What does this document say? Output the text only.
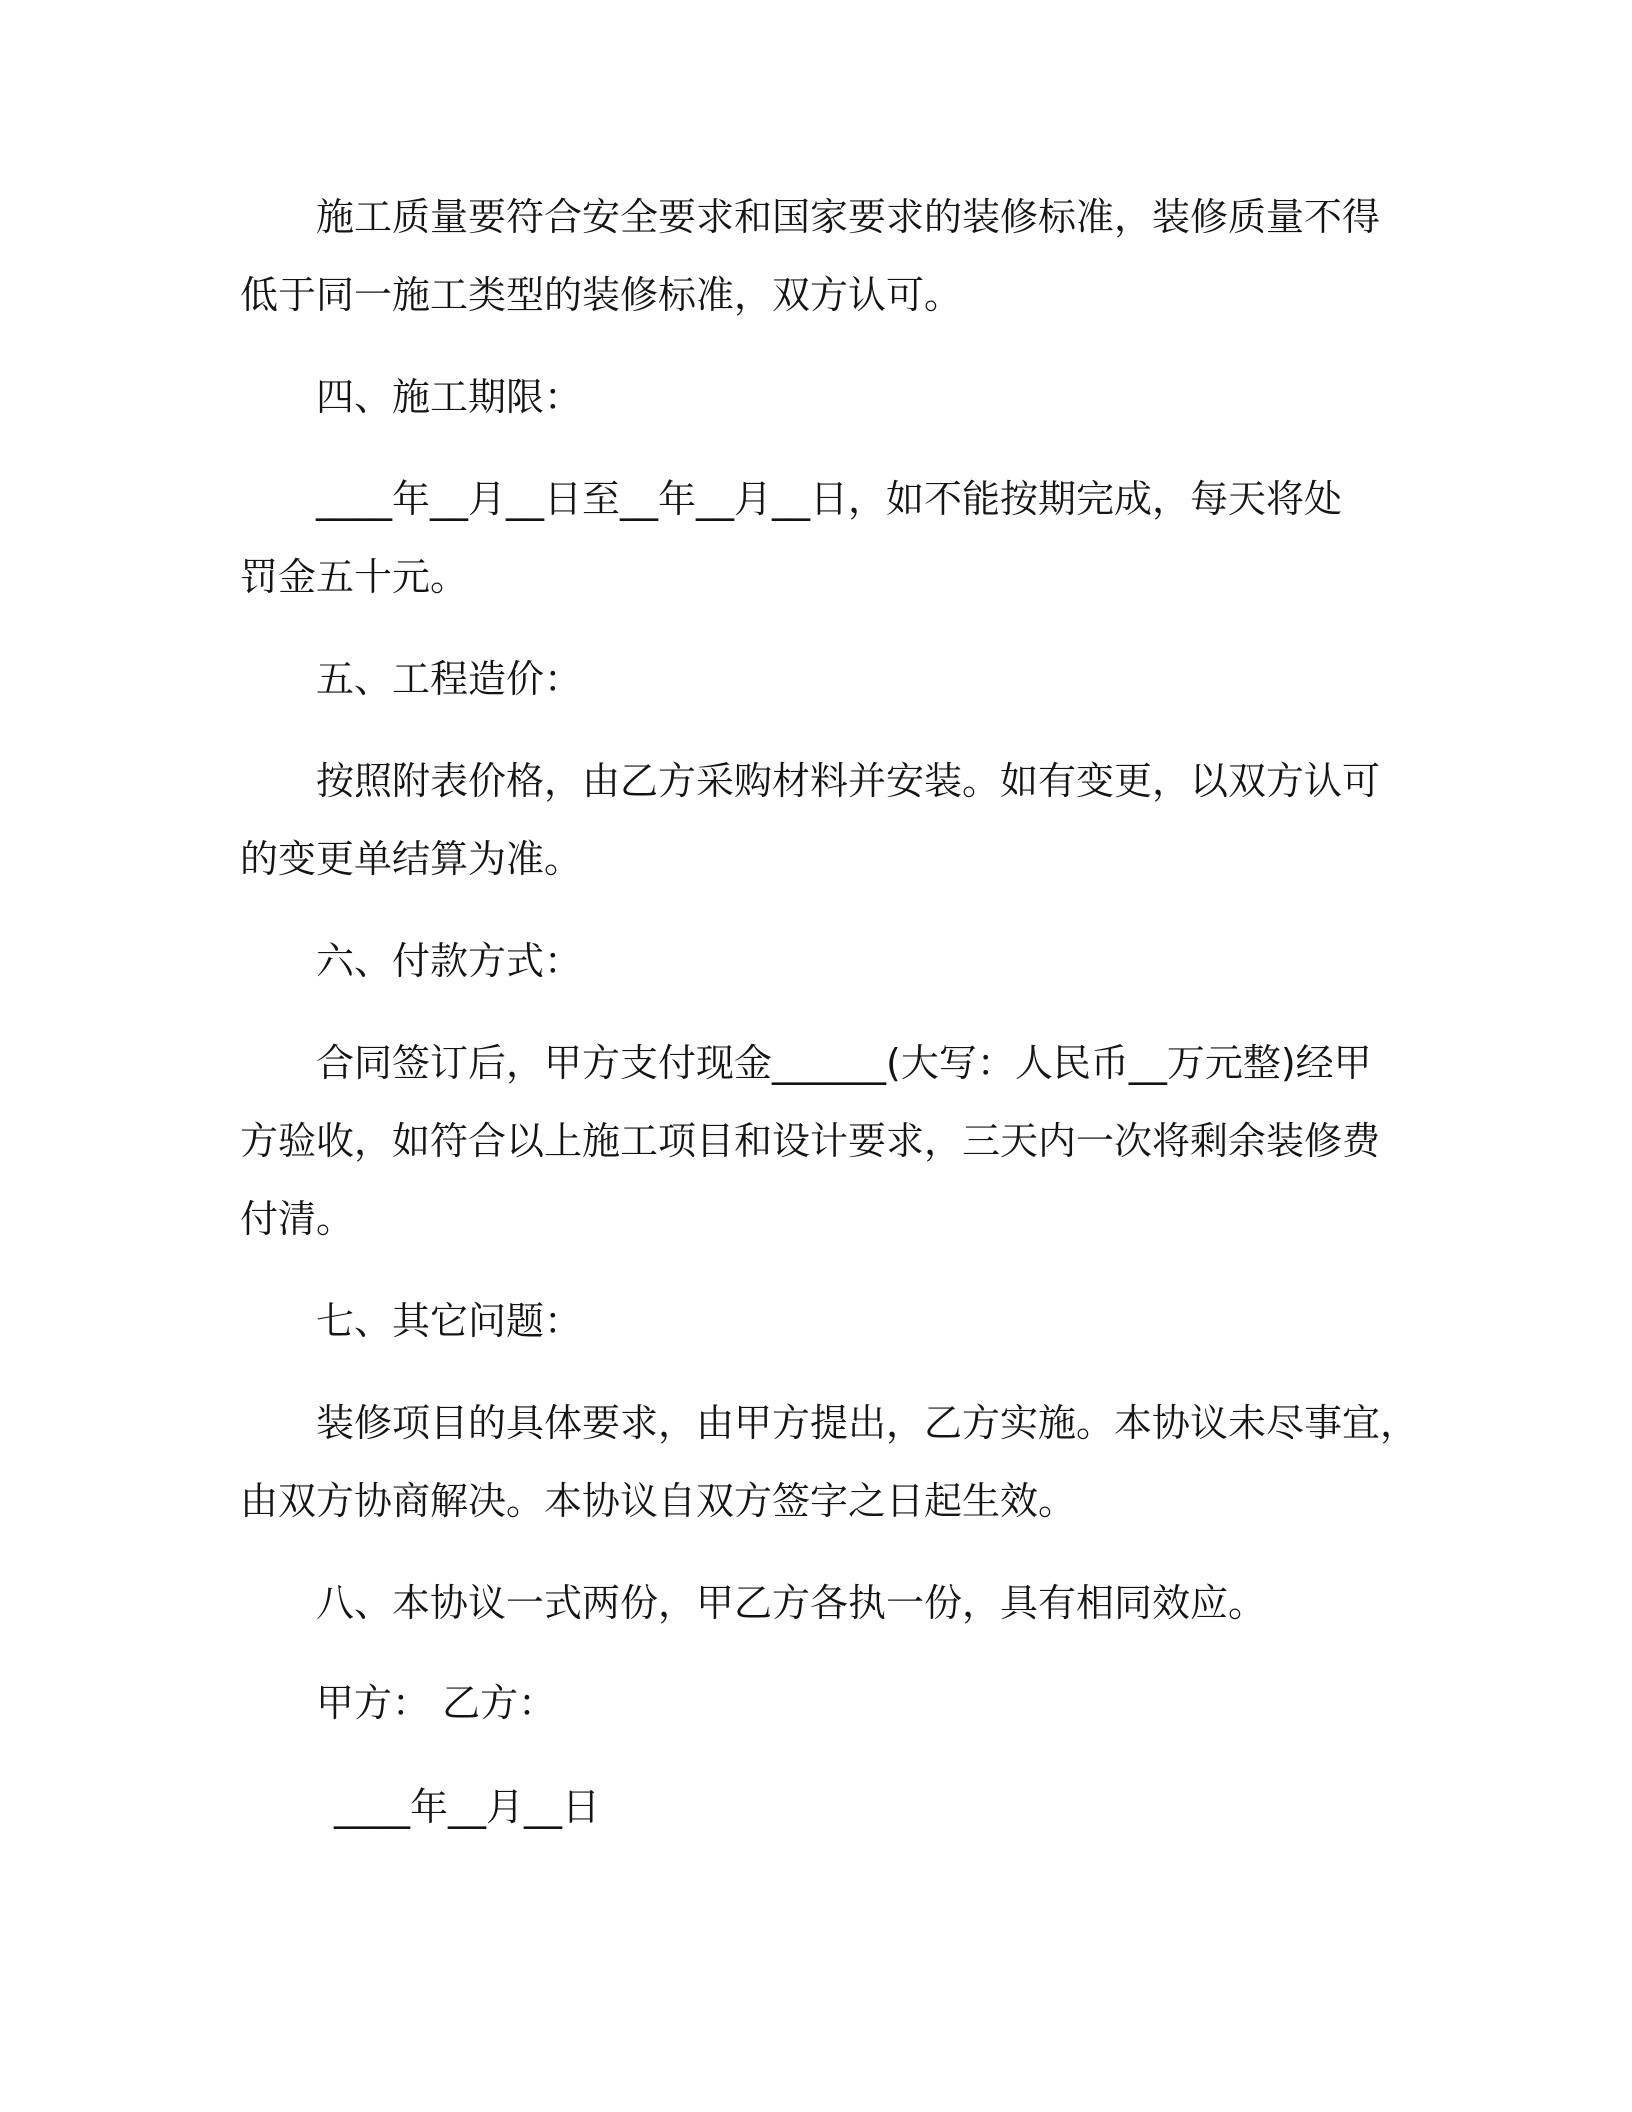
施工质量要符合安全要求和国家要求的装修标准，装修质量不得
低于同一施工类型的装修标准，双方认可。
四、施工期限：
____年__月__日至__年__月__日，如不能按期完成，每天将处
罚金五十元。
五、工程造价：
按照附表价格，由乙方采购材料并安装。如有变更，以双方认可
的变更单结算为准。
六、付款方式：
合同签订后，甲方支付现金______(大写：人民币__万元整)经甲
方验收，如符合以上施工项目和设计要求，三天内一次将剩余装修费
付清。
七、其它问题：
装修项目的具体要求，由甲方提出，乙方实施。本协议未尽事宜，
由双方协商解决。本协议自双方签字之日起生效。
八、本协议一式两份，甲乙方各执一份，具有相同效应。
甲方： 乙方：
____年__月__日
